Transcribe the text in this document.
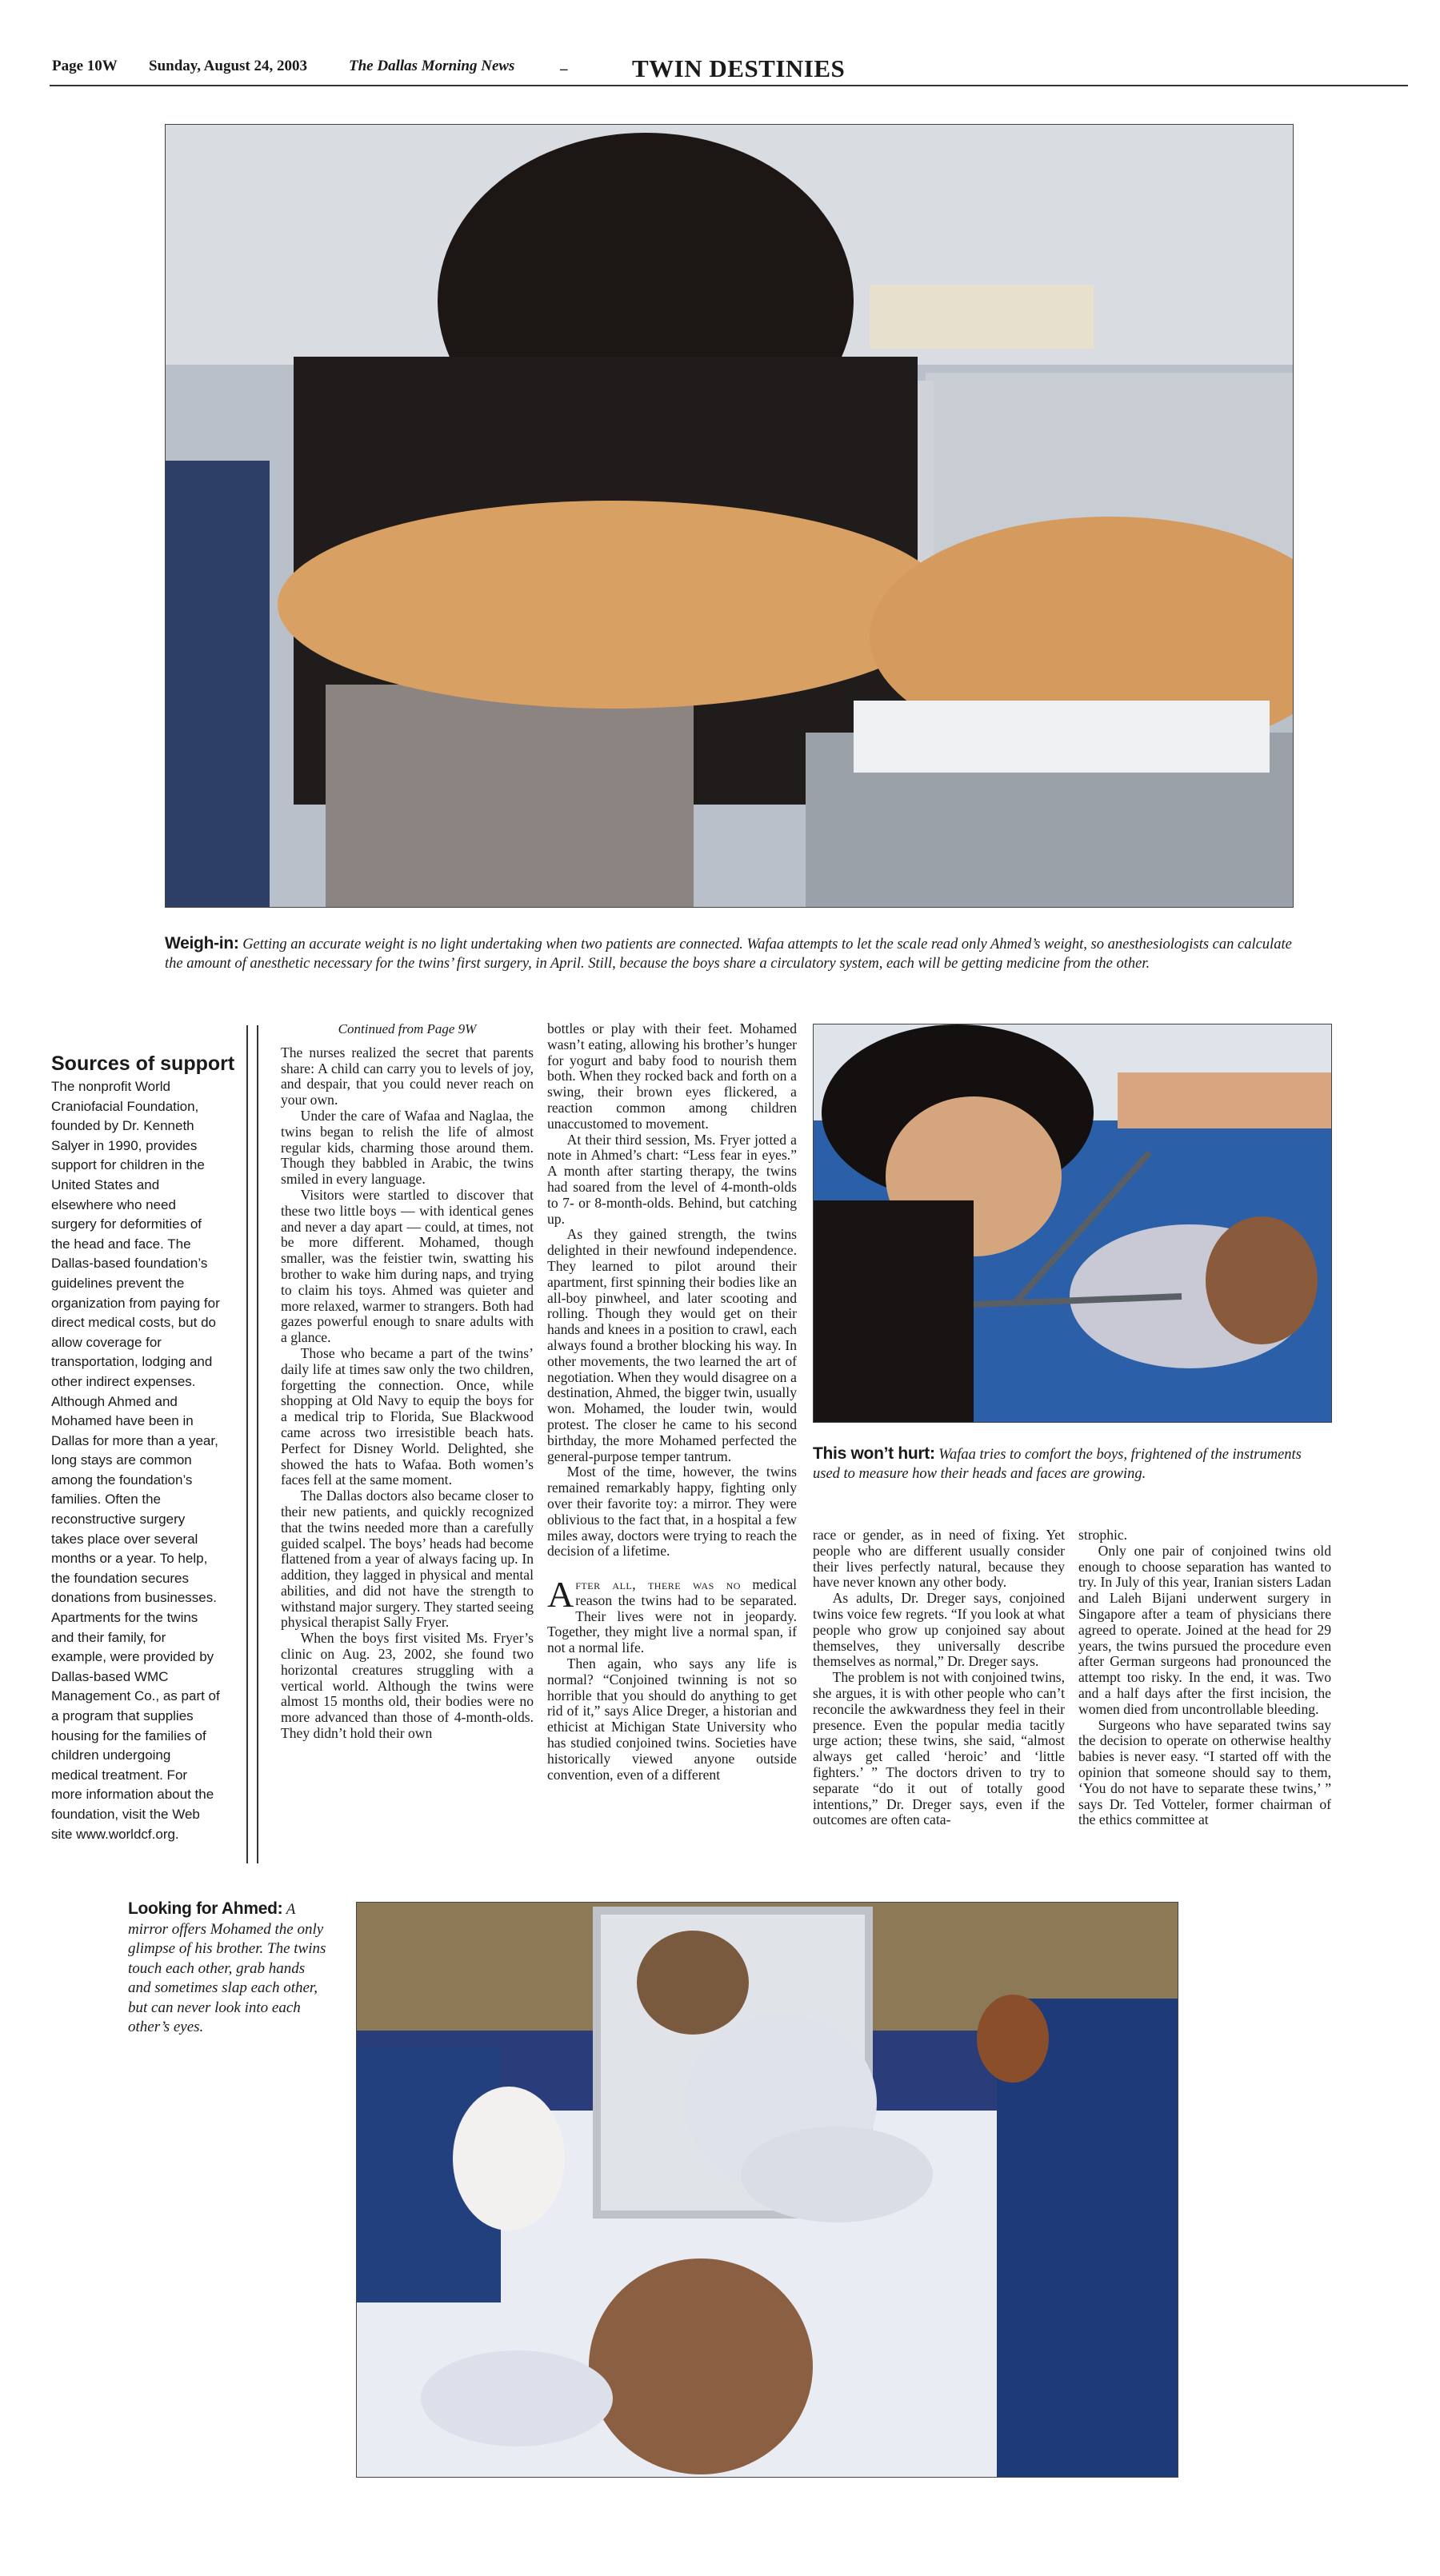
Page 10W Sunday, August 24, 2003	The Dallas Morning News	–	TWIN DESTINIES
Weigh-in: Getting an accurate weight is no light undertaking when two patients are connected. Wafaa attempts to let the scale read only Ahmed’s weight, so anesthesiologists can calculate the amount of anesthetic necessary for the twins’ first surgery, in April. Still, because the boys share a circulatory system, each will be getting medicine from the other.
Sources of support
The nonprofit World Craniofacial Foundation, founded by Dr. Kenneth Salyer in 1990, provides support for children in the United States and elsewhere who need surgery for deformities of the head and face. The Dallas-based foundation’s guidelines prevent the organization from paying for direct medical costs, but do allow coverage for transportation, lodging and other indirect expenses. Although Ahmed and Mohamed have been in Dallas for more than a year, long stays are common among the foundation’s families. Often the reconstructive surgery takes place over several months or a year. To help, the foundation secures donations from businesses. Apartments for the twins and their family, for example, were provided by Dallas-based WMC Management Co., as part of a program that supplies housing for the families of children undergoing medical treatment. For more information about the foundation, visit the Web site www.worldcf.org.
Continued from Page 9W

The nurses realized the secret that parents share: A child can carry you to levels of joy, and despair, that you could never reach on your own.

Under the care of Wafaa and Naglaa, the twins began to relish the life of almost regular kids, charming those around them. Though they babbled in Arabic, the twins smiled in every language.

Visitors were startled to discover that these two little boys — with identical genes and never a day apart — could, at times, not be more different. Mohamed, though smaller, was the feistier twin, swatting his brother to wake him during naps, and trying to claim his toys. Ahmed was quieter and more relaxed, warmer to strangers. Both had gazes powerful enough to snare adults with a glance.

Those who became a part of the twins’ daily life at times saw only the two children, forgetting the connection. Once, while shopping at Old Navy to equip the boys for a medical trip to Florida, Sue Blackwood came across two irresistible beach hats. Perfect for Disney World. Delighted, she showed the hats to Wafaa. Both women’s faces fell at the same moment.

The Dallas doctors also became closer to their new patients, and quickly recognized that the twins needed more than a carefully guided scalpel. The boys’ heads had become flattened from a year of always facing up. In addition, they lagged in physical and mental abilities, and did not have the strength to withstand major surgery. They started seeing physical therapist Sally Fryer.

When the boys first visited Ms. Fryer’s clinic on Aug. 23, 2002, she found two horizontal creatures struggling with a vertical world. Although the twins were almost 15 months old, their bodies were no more advanced than those of 4-month-olds. They didn’t hold their own

bottles or play with their feet. Mohamed wasn’t eating, allowing his brother’s hunger for yogurt and baby food to nourish them both. When they rocked back and forth on a swing, their brown eyes flickered, a reaction common among children unaccustomed to movement.

At their third session, Ms. Fryer jotted a note in Ahmed’s chart: “Less fear in eyes.” A month after starting therapy, the twins had soared from the level of 4-month-olds to 7- or 8-month-olds. Behind, but catching up.

As they gained strength, the twins delighted in their newfound independence. They learned to pilot around their apartment, first spinning their bodies like an all-boy pinwheel, and later scooting and rolling. Though they would get on their hands and knees in a position to crawl, each always found a brother blocking his way. In other movements, the two learned the art of negotiation. When they would disagree on a destination, Ahmed, the bigger twin, usually won. Mohamed, the louder twin, would protest. The closer he came to his second birthday, the more Mohamed perfected the general-purpose temper tantrum.

Most of the time, however, the twins remained remarkably happy, fighting only over their favorite toy: a mirror. They were oblivious to the fact that, in a hospital a few miles away, doctors were trying to reach the decision of a lifetime.

After all, there was no medical reason the twins had to be separated. Their lives were not in jeopardy. Together, they might live a normal span, if not a normal life.

Then again, who says any life is normal? “Conjoined twinning is not so horrible that you should do anything to get rid of it,” says Alice Dreger, a historian and ethicist at Michigan State University who has studied conjoined twins. Societies have historically viewed anyone outside convention, even of a different

This won’t hurt: Wafaa tries to comfort the boys, frightened of the instruments used to measure how their heads and faces are growing.

race or gender, as in need of fixing. Yet people who are different usually consider their lives perfectly natural, because they have never known any other body.

As adults, Dr. Dreger says, conjoined twins voice few regrets. “If you look at what people who grow up conjoined say about themselves, they universally describe themselves as normal,” Dr. Dreger says.

The problem is not with conjoined twins, she argues, it is with other people who can’t reconcile the awkwardness they feel in their presence. Even the popular media tacitly urge action; these twins, she said, “almost always get called ‘heroic’ and ‘little fighters.’ ” The doctors driven to try to separate “do it out of totally good intentions,” Dr. Dreger says, even if the outcomes are often cata-

strophic.

Only one pair of conjoined twins old enough to choose separation has wanted to try. In July of this year, Iranian sisters Ladan and Laleh Bijani underwent surgery in Singapore after a team of physicians there agreed to operate. Joined at the head for 29 years, the twins pursued the procedure even after German surgeons had pronounced the attempt too risky. In the end, it was. Two and a half days after the first incision, the women died from uncontrollable bleeding.

Surgeons who have separated twins say the decision to operate on otherwise healthy babies is never easy. “I started off with the opinion that someone should say to them, ‘You do not have to separate these twins,’ ” says Dr. Ted Votteler, former chairman of the ethics committee at

Looking for Ahmed: A mirror offers Mohamed the only glimpse of his brother. The twins touch each other, grab hands and sometimes slap each other, but can never look into each other’s eyes.
